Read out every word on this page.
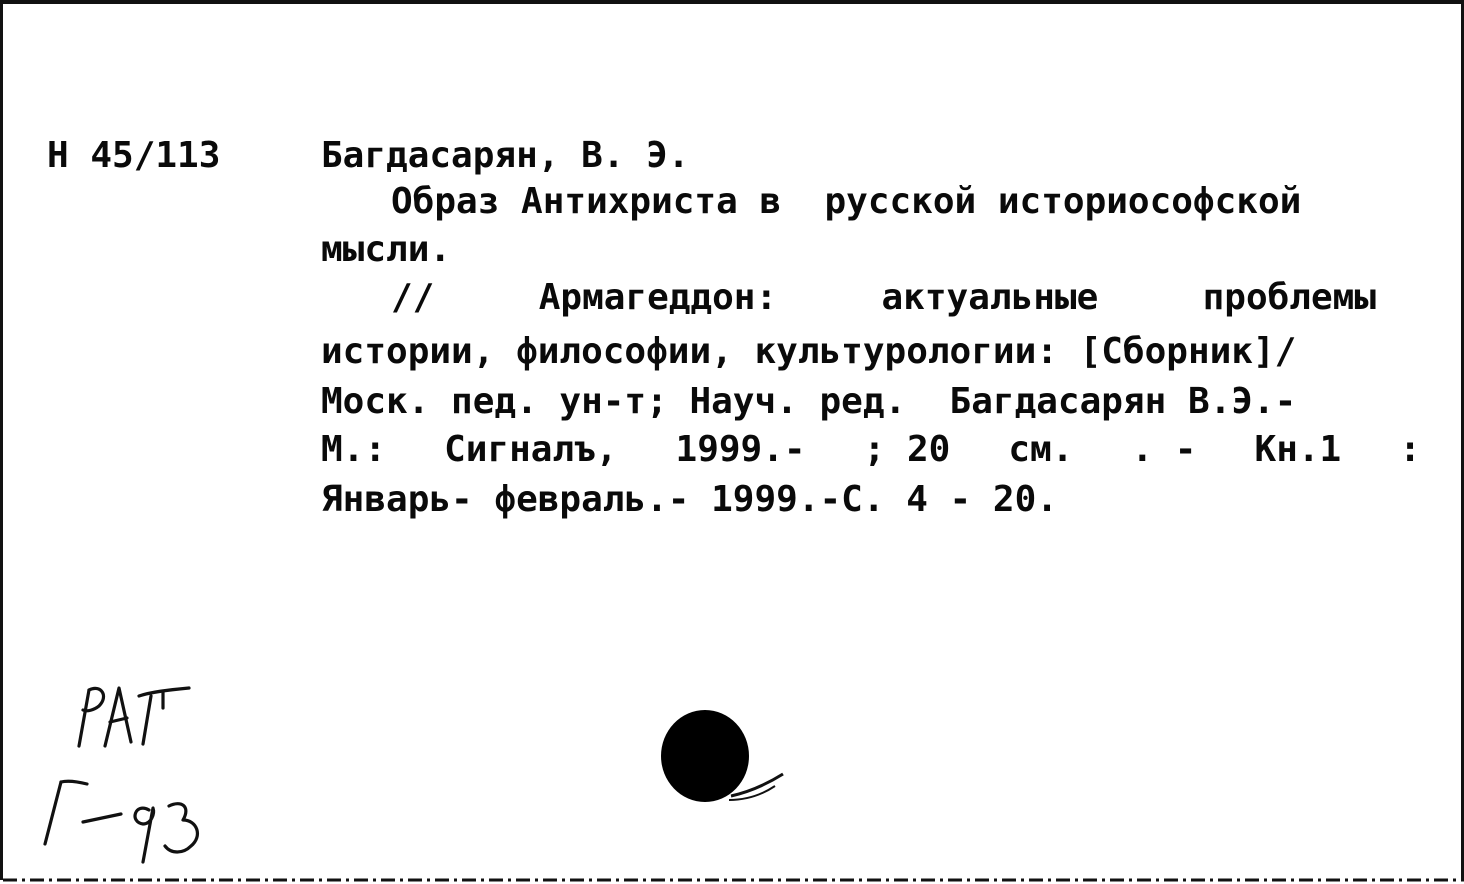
Н 45/113	Багдасарян, В. Э.
Образ Антихриста в  русской историософской
мысли.
//	Армагеддон:	актуальные	проблемы
истории, философии, культурологии: [Сборник]/
Моск. пед. ун-т; Науч. ред.  Багдасарян В.Э.-
М.: Сигналъ, 1999.- ; 20 см. . - Кн.1 :
Январь- февраль.- 1999.-С. 4 - 20.
